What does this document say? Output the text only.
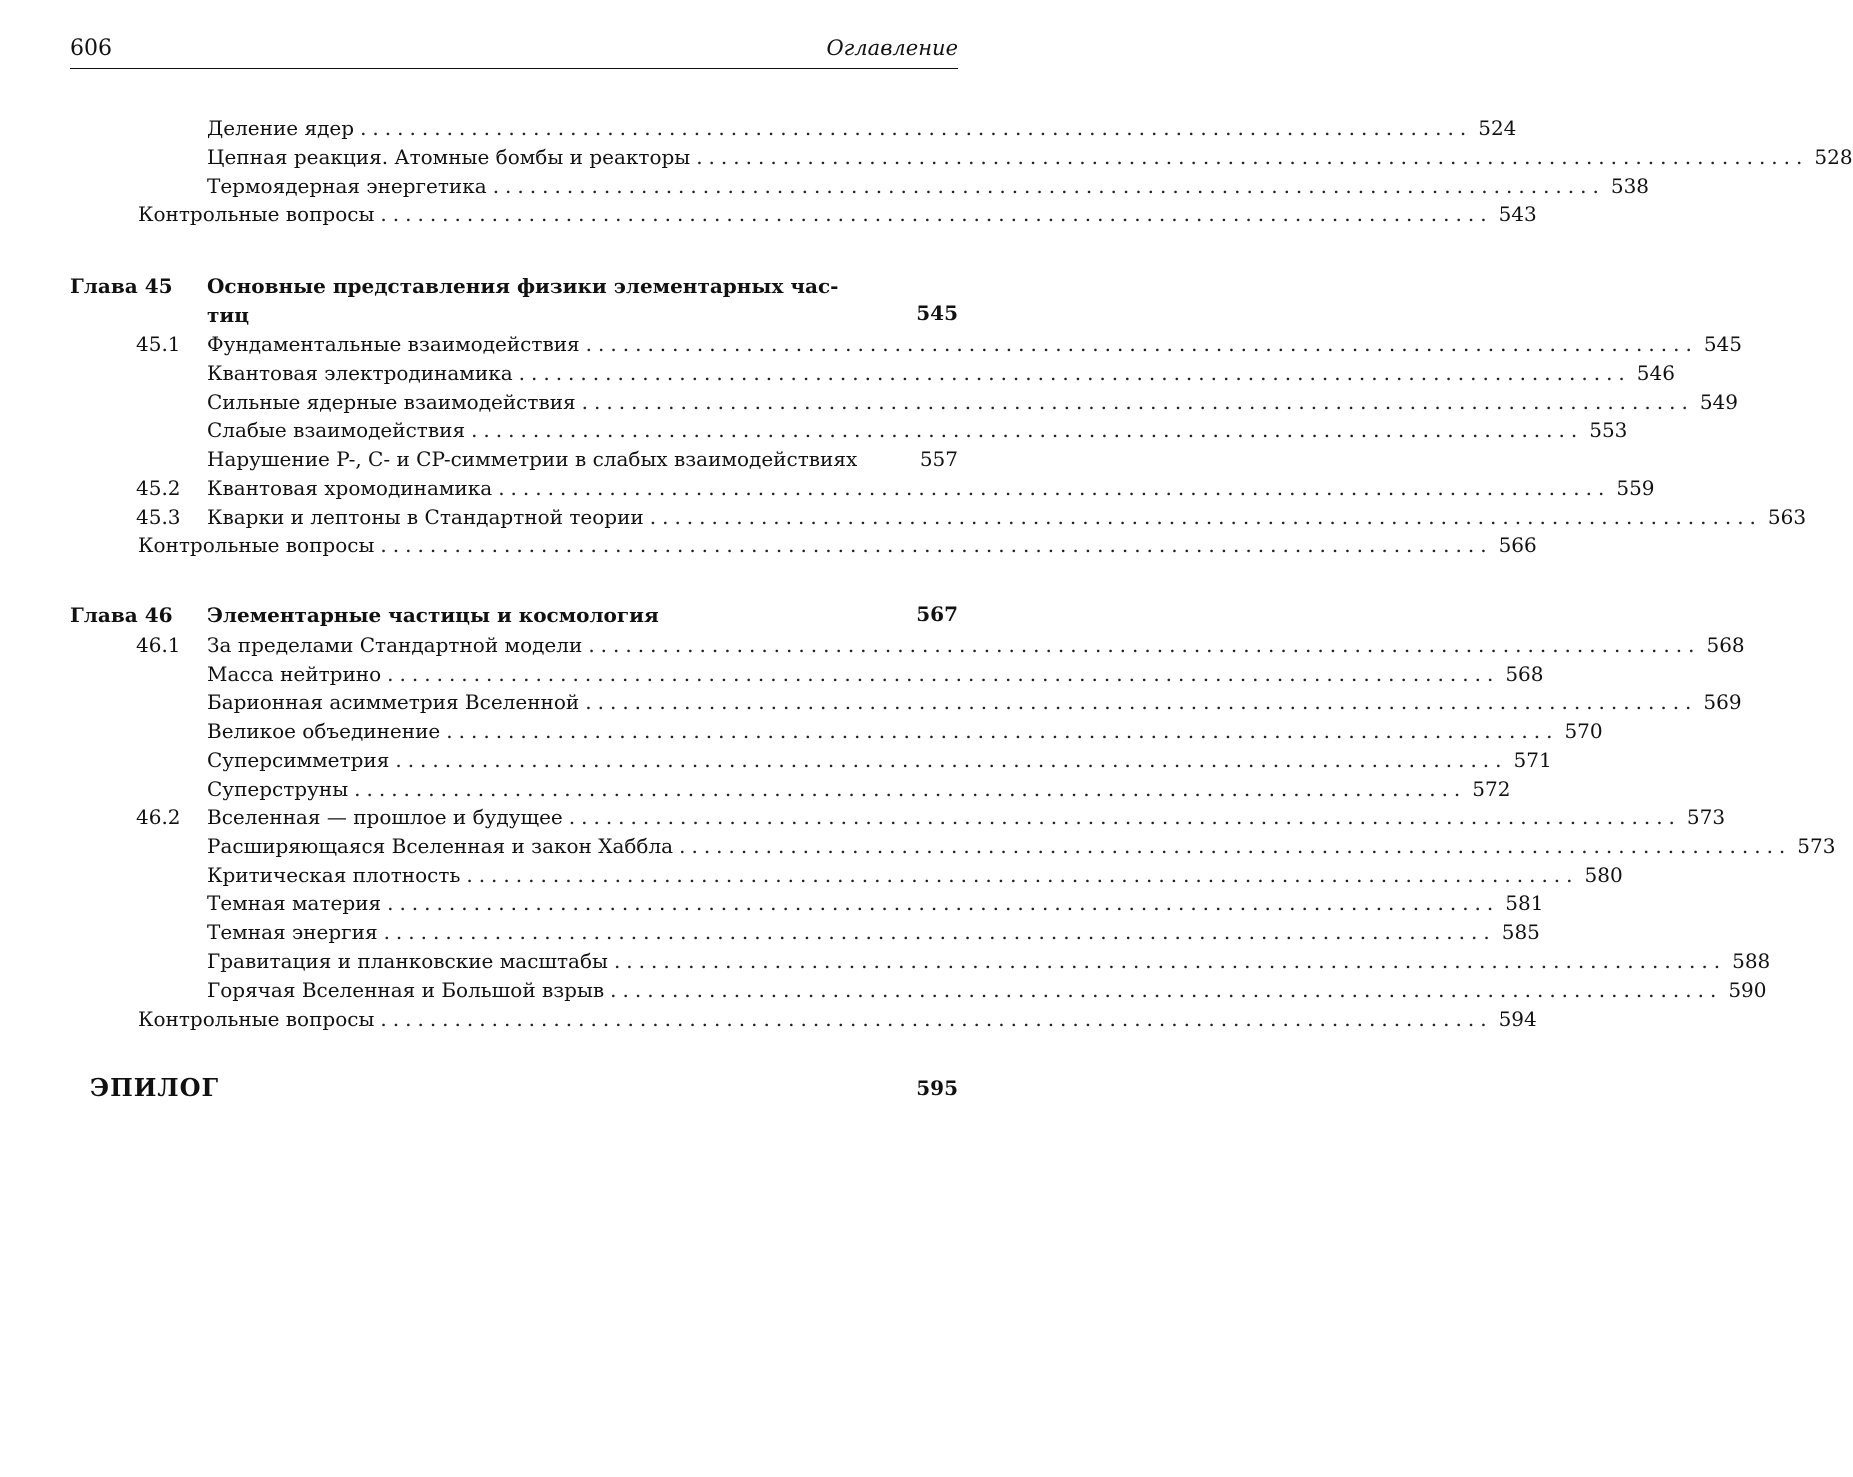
606	Оглавление
Деление ядер .......................................................................................... 524
Цепная реакция. Атомные бомбы и реакторы .......................................................................................... 528
Термоядерная энергетика .......................................................................................... 538
Контрольные вопросы .......................................................................................... 543
Глава 45 Основные представления физики элементарных час-
тиц	545
45.1 Фундаментальные взаимодействия .......................................................................................... 545
Квантовая электродинамика .......................................................................................... 546
Сильные ядерные взаимодействия .......................................................................................... 549
Слабые взаимодействия .......................................................................................... 553
Нарушение P-, C- и CP-симметрии в слабых взаимодействиях	557
45.2 Квантовая хромодинамика .......................................................................................... 559
45.3 Кварки и лептоны в Стандартной теории .......................................................................................... 563
Контрольные вопросы .......................................................................................... 566
Глава 46 Элементарные частицы и космология	567
46.1 За пределами Стандартной модели .......................................................................................... 568
Масса нейтрино .......................................................................................... 568
Барионная асимметрия Вселенной .......................................................................................... 569
Великое объединение .......................................................................................... 570
Суперсимметрия .......................................................................................... 571
Суперструны .......................................................................................... 572
46.2 Вселенная — прошлое и будущее .......................................................................................... 573
Расширяющаяся Вселенная и закон Хаббла .......................................................................................... 573
Критическая плотность .......................................................................................... 580
Темная материя .......................................................................................... 581
Темная энергия .......................................................................................... 585
Гравитация и планковские масштабы .......................................................................................... 588
Горячая Вселенная и Большой взрыв .......................................................................................... 590
Контрольные вопросы .......................................................................................... 594
ЭПИЛОГ	595
